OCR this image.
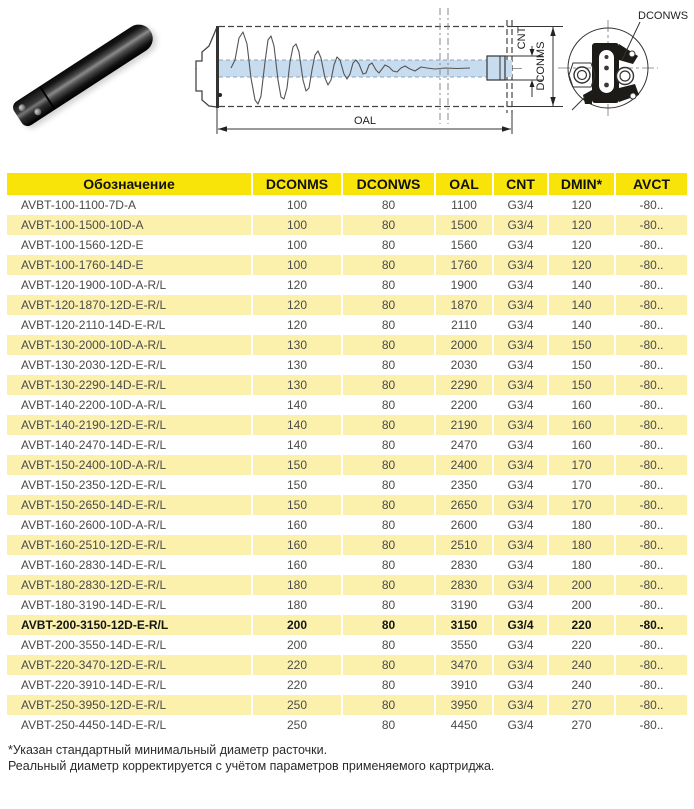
OAL
DCONMS
CNT
DCONWS
Обозначение	DCONMS	DCONWS	OAL	CNT	DMIN*	AVCT
AVBT-100-1100-7D-A	100	80	1100	G3/4	120	-80..
AVBT-100-1500-10D-A	100	80	1500	G3/4	120	-80..
AVBT-100-1560-12D-E	100	80	1560	G3/4	120	-80..
AVBT-100-1760-14D-E	100	80	1760	G3/4	120	-80..
AVBT-120-1900-10D-A-R/L	120	80	1900	G3/4	140	-80..
AVBT-120-1870-12D-E-R/L	120	80	1870	G3/4	140	-80..
AVBT-120-2110-14D-E-R/L	120	80	2110	G3/4	140	-80..
AVBT-130-2000-10D-A-R/L	130	80	2000	G3/4	150	-80..
AVBT-130-2030-12D-E-R/L	130	80	2030	G3/4	150	-80..
AVBT-130-2290-14D-E-R/L	130	80	2290	G3/4	150	-80..
AVBT-140-2200-10D-A-R/L	140	80	2200	G3/4	160	-80..
AVBT-140-2190-12D-E-R/L	140	80	2190	G3/4	160	-80..
AVBT-140-2470-14D-E-R/L	140	80	2470	G3/4	160	-80..
AVBT-150-2400-10D-A-R/L	150	80	2400	G3/4	170	-80..
AVBT-150-2350-12D-E-R/L	150	80	2350	G3/4	170	-80..
AVBT-150-2650-14D-E-R/L	150	80	2650	G3/4	170	-80..
AVBT-160-2600-10D-A-R/L	160	80	2600	G3/4	180	-80..
AVBT-160-2510-12D-E-R/L	160	80	2510	G3/4	180	-80..
AVBT-160-2830-14D-E-R/L	160	80	2830	G3/4	180	-80..
AVBT-180-2830-12D-E-R/L	180	80	2830	G3/4	200	-80..
AVBT-180-3190-14D-E-R/L	180	80	3190	G3/4	200	-80..
AVBT-200-3150-12D-E-R/L	200	80	3150	G3/4	220	-80..
AVBT-200-3550-14D-E-R/L	200	80	3550	G3/4	220	-80..
AVBT-220-3470-12D-E-R/L	220	80	3470	G3/4	240	-80..
AVBT-220-3910-14D-E-R/L	220	80	3910	G3/4	240	-80..
AVBT-250-3950-12D-E-R/L	250	80	3950	G3/4	270	-80..
AVBT-250-4450-14D-E-R/L	250	80	4450	G3/4	270	-80..
*Указан стандартный минимальный диаметр расточки.
Реальный диаметр корректируется с учётом параметров применяемого картриджа.
